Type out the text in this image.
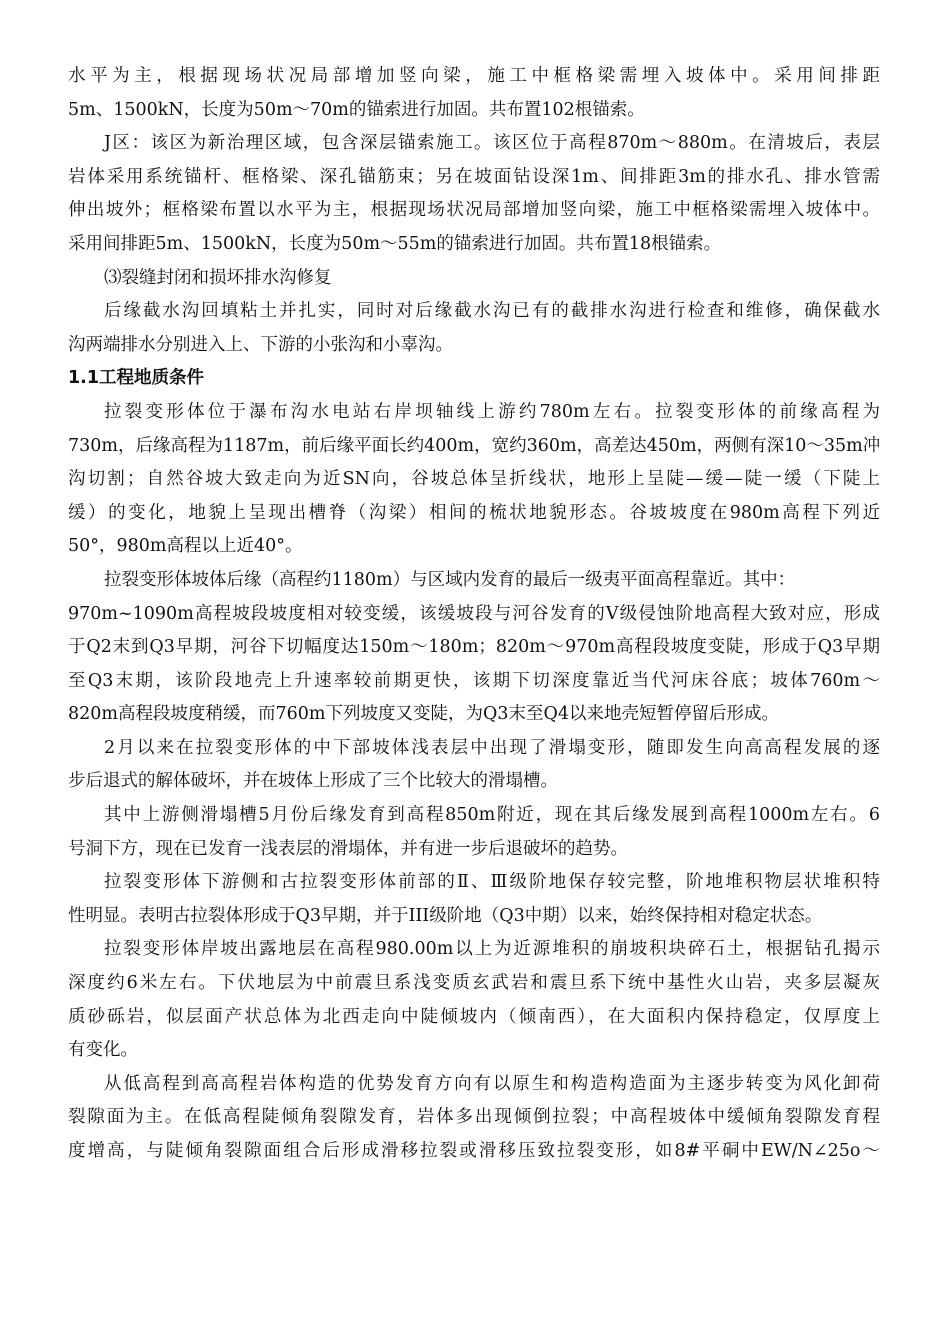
水平为主，根据现场状况局部增加竖向梁，施工中框格梁需埋入坡体中。采用间排距
5m、1500kN，长度为50m～70m的锚索进行加固。共布置102根锚索。
J区：该区为新治理区域，包含深层锚索施工。该区位于高程870m～880m。在清坡后，表层
岩体采用系统锚杆、框格梁、深孔锚筋束；另在坡面钻设深1m、间排距3m的排水孔、排水管需
伸出坡外；框格梁布置以水平为主，根据现场状况局部增加竖向梁，施工中框格梁需埋入坡体中。
采用间排距5m、1500kN，长度为50m～55m的锚索进行加固。共布置18根锚索。
⑶裂缝封闭和损坏排水沟修复
后缘截水沟回填粘土并扎实，同时对后缘截水沟已有的截排水沟进行检查和维修，确保截水
沟两端排水分别进入上、下游的小张沟和小辜沟。
1.1工程地质条件
拉裂变形体位于瀑布沟水电站右岸坝轴线上游约780m左右。拉裂变形体的前缘高程为
730m，后缘高程为1187m，前后缘平面长约400m，宽约360m，高差达450m，两侧有深10～35m冲
沟切割；自然谷坡大致走向为近SN向，谷坡总体呈折线状，地形上呈陡—缓—陡一缓（下陡上
缓）的变化，地貌上呈现出槽脊（沟梁）相间的梳状地貌形态。谷坡坡度在980m高程下列近
50°，980m高程以上近40°。
拉裂变形体坡体后缘（高程约1180m）与区域内发育的最后一级夷平面高程靠近。其中：
970m~1090m高程坡段坡度相对较变缓，该缓坡段与河谷发育的Ⅴ级侵蚀阶地高程大致对应，形成
于Q2末到Q3早期，河谷下切幅度达150m～180m；820m～970m高程段坡度变陡，形成于Q3早期
至Q3末期，该阶段地壳上升速率较前期更快，该期下切深度靠近当代河床谷底；坡体760m～
820m高程段坡度稍缓，而760m下列坡度又变陡，为Q3末至Q4以来地壳短暂停留后形成。
2月以来在拉裂变形体的中下部坡体浅表层中出现了滑塌变形，随即发生向高高程发展的逐
步后退式的解体破坏，并在坡体上形成了三个比较大的滑塌槽。
其中上游侧滑塌槽5月份后缘发育到高程850m附近，现在其后缘发展到高程1000m左右。6
号洞下方，现在已发育一浅表层的滑塌体，并有进一步后退破坏的趋势。
拉裂变形体下游侧和古拉裂变形体前部的Ⅱ、Ⅲ级阶地保存较完整，阶地堆积物层状堆积特
性明显。表明古拉裂体形成于Q3早期，并于III级阶地（Q3中期）以来，始终保持相对稳定状态。
拉裂变形体岸坡出露地层在高程980.00m以上为近源堆积的崩坡积块碎石土，根据钻孔揭示
深度约6米左右。下伏地层为中前震旦系浅变质玄武岩和震旦系下统中基性火山岩，夹多层凝灰
质砂砾岩，似层面产状总体为北西走向中陡倾坡内（倾南西），在大面积内保持稳定，仅厚度上
有变化。
从低高程到高高程岩体构造的优势发育方向有以原生和构造构造面为主逐步转变为风化卸荷
裂隙面为主。在低高程陡倾角裂隙发育，岩体多出现倾倒拉裂；中高程坡体中缓倾角裂隙发育程
度增高，与陡倾角裂隙面组合后形成滑移拉裂或滑移压致拉裂变形，如8#平硐中EW/N∠25o～
